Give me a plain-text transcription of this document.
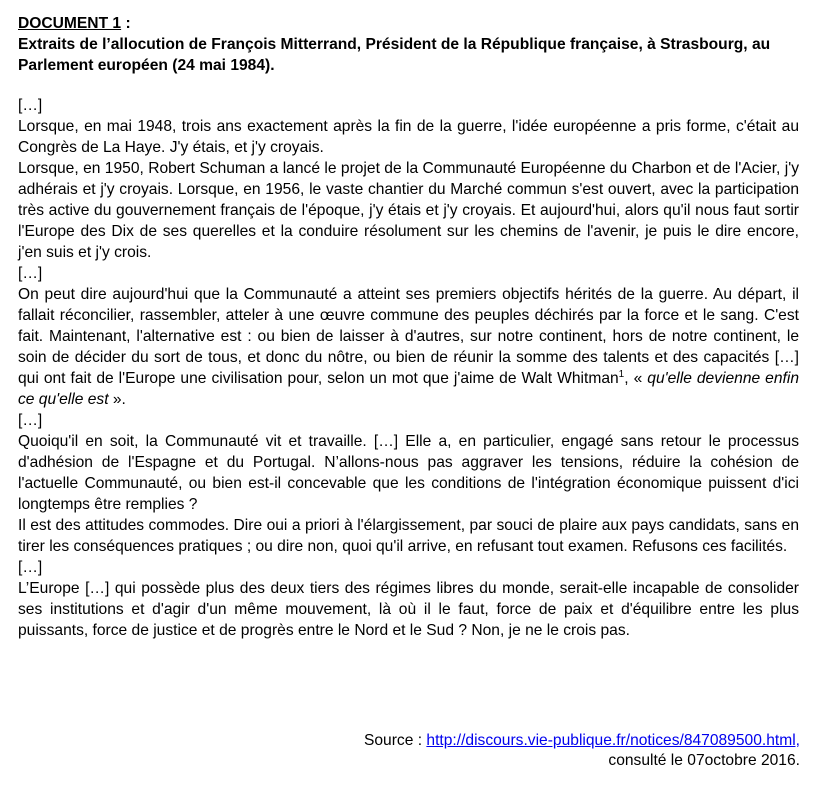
DOCUMENT 1 :
Extraits de l’allocution de François Mitterrand, Président de la République française, à Strasbourg, au Parlement européen (24 mai 1984).
[…]
Lorsque, en mai 1948, trois ans exactement après la fin de la guerre, l'idée européenne a pris forme, c'était au Congrès de La Haye. J'y étais, et j'y croyais.
Lorsque, en 1950, Robert Schuman a lancé le projet de la Communauté Européenne du Charbon et de l'Acier, j'y adhérais et j'y croyais. Lorsque, en 1956, le vaste chantier du Marché commun s'est ouvert, avec la participation très active du gouvernement français de l'époque, j'y étais et j'y croyais. Et aujourd'hui, alors qu'il nous faut sortir l'Europe des Dix de ses querelles et la conduire résolument sur les chemins de l'avenir, je puis le dire encore, j'en suis et j'y crois.
[…]
On peut dire aujourd'hui que la Communauté a atteint ses premiers objectifs hérités de la guerre. Au départ, il fallait réconcilier, rassembler, atteler à une œuvre commune des peuples déchirés par la force et le sang. C'est fait. Maintenant, l'alternative est : ou bien de laisser à d'autres, sur notre continent, hors de notre continent, le soin de décider du sort de tous, et donc du nôtre, ou bien de réunir la somme des talents et des capacités […] qui ont fait de l'Europe une civilisation pour, selon un mot que j'aime de Walt Whitman$^1$, « qu'elle devienne enfin ce qu'elle est ».
[…]
Quoiqu'il en soit, la Communauté vit et travaille. […] Elle a, en particulier, engagé sans retour le processus d'adhésion de l'Espagne et du Portugal. N’allons-nous pas aggraver les tensions, réduire la cohésion de l'actuelle Communauté, ou bien est-il concevable que les conditions de l'intégration économique puissent d'ici longtemps être remplies ?
Il est des attitudes commodes. Dire oui a priori à l'élargissement, par souci de plaire aux pays candidats, sans en tirer les conséquences pratiques ; ou dire non, quoi qu'il arrive, en refusant tout examen. Refusons ces facilités.
[…]
L’Europe […] qui possède plus des deux tiers des régimes libres du monde, serait-elle incapable de consolider ses institutions et d'agir d'un même mouvement, là où il le faut, force de paix et d'équilibre entre les plus puissants, force de justice et de progrès entre le Nord et le Sud ? Non, je ne le crois pas.
Source : http://discours.vie-publique.fr/notices/847089500.html,
consulté le 07octobre 2016.
